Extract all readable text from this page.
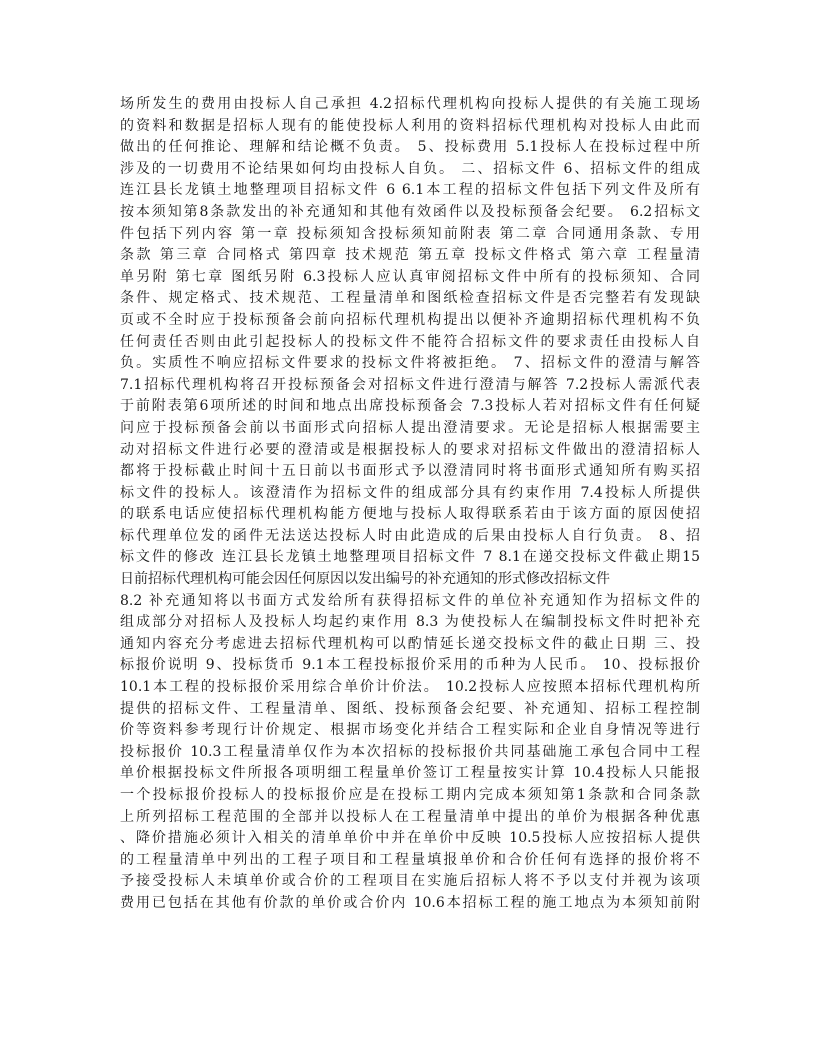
场所发生的费用由投标人自己承担 4.2招标代理机构向投标人提供的有关施工现场
的资料和数据是招标人现有的能使投标人利用的资料招标代理机构对投标人由此而
做出的任何推论、理解和结论概不负责。 5、投标费用 5.1投标人在投标过程中所
涉及的一切费用不论结果如何均由投标人自负。 二、招标文件 6、招标文件的组成
连江县长龙镇土地整理项目招标文件 6 6.1本工程的招标文件包括下列文件及所有
按本须知第8条款发出的补充通知和其他有效函件以及投标预备会纪要。 6.2招标文
件包括下列内容 第一章 投标须知含投标须知前附表 第二章 合同通用条款、专用
条款 第三章 合同格式 第四章 技术规范 第五章 投标文件格式 第六章 工程量清
单另附 第七章 图纸另附 6.3投标人应认真审阅招标文件中所有的投标须知、合同
条件、规定格式、技术规范、工程量清单和图纸检查招标文件是否完整若有发现缺
页或不全时应于投标预备会前向招标代理机构提出以便补齐逾期招标代理机构不负
任何责任否则由此引起投标人的投标文件不能符合招标文件的要求责任由投标人自
负。实质性不响应招标文件要求的投标文件将被拒绝。 7、招标文件的澄清与解答
7.1招标代理机构将召开投标预备会对招标文件进行澄清与解答 7.2投标人需派代表
于前附表第6项所述的时间和地点出席投标预备会 7.3投标人若对招标文件有任何疑
问应于投标预备会前以书面形式向招标人提出澄清要求。无论是招标人根据需要主
动对招标文件进行必要的澄清或是根据投标人的要求对招标文件做出的澄清招标人
都将于投标截止时间十五日前以书面形式予以澄清同时将书面形式通知所有购买招
标文件的投标人。该澄清作为招标文件的组成部分具有约束作用 7.4投标人所提供
的联系电话应使招标代理机构能方便地与投标人取得联系若由于该方面的原因使招
标代理单位发的函件无法送达投标人时由此造成的后果由投标人自行负责。 8、招
标文件的修改 连江县长龙镇土地整理项目招标文件 7 8.1在递交投标文件截止期15
日前招标代理机构可能会因任何原因以发出编号的补充通知的形式修改招标文件
8.2 补充通知将以书面方式发给所有获得招标文件的单位补充通知作为招标文件的
组成部分对招标人及投标人均起约束作用 8.3 为使投标人在编制投标文件时把补充
通知内容充分考虑进去招标代理机构可以酌情延长递交投标文件的截止日期 三、投
标报价说明 9、投标货币 9.1本工程投标报价采用的币种为人民币。 10、投标报价
10.1本工程的投标报价采用综合单价计价法。 10.2投标人应按照本招标代理机构所
提供的招标文件、工程量清单、图纸、投标预备会纪要、补充通知、招标工程控制
价等资料参考现行计价规定、根据市场变化并结合工程实际和企业自身情况等进行
投标报价 10.3工程量清单仅作为本次招标的投标报价共同基础施工承包合同中工程
单价根据投标文件所报各项明细工程量单价签订工程量按实计算 10.4投标人只能报
一个投标报价投标人的投标报价应是在投标工期内完成本须知第1条款和合同条款
上所列招标工程范围的全部并以投标人在工程量清单中提出的单价为根据各种优惠
、降价措施必须计入相关的清单单价中并在单价中反映 10.5投标人应按招标人提供
的工程量清单中列出的工程子项目和工程量填报单价和合价任何有选择的报价将不
予接受投标人未填单价或合价的工程项目在实施后招标人将不予以支付并视为该项
费用已包括在其他有价款的单价或合价内 10.6本招标工程的施工地点为本须知前附
